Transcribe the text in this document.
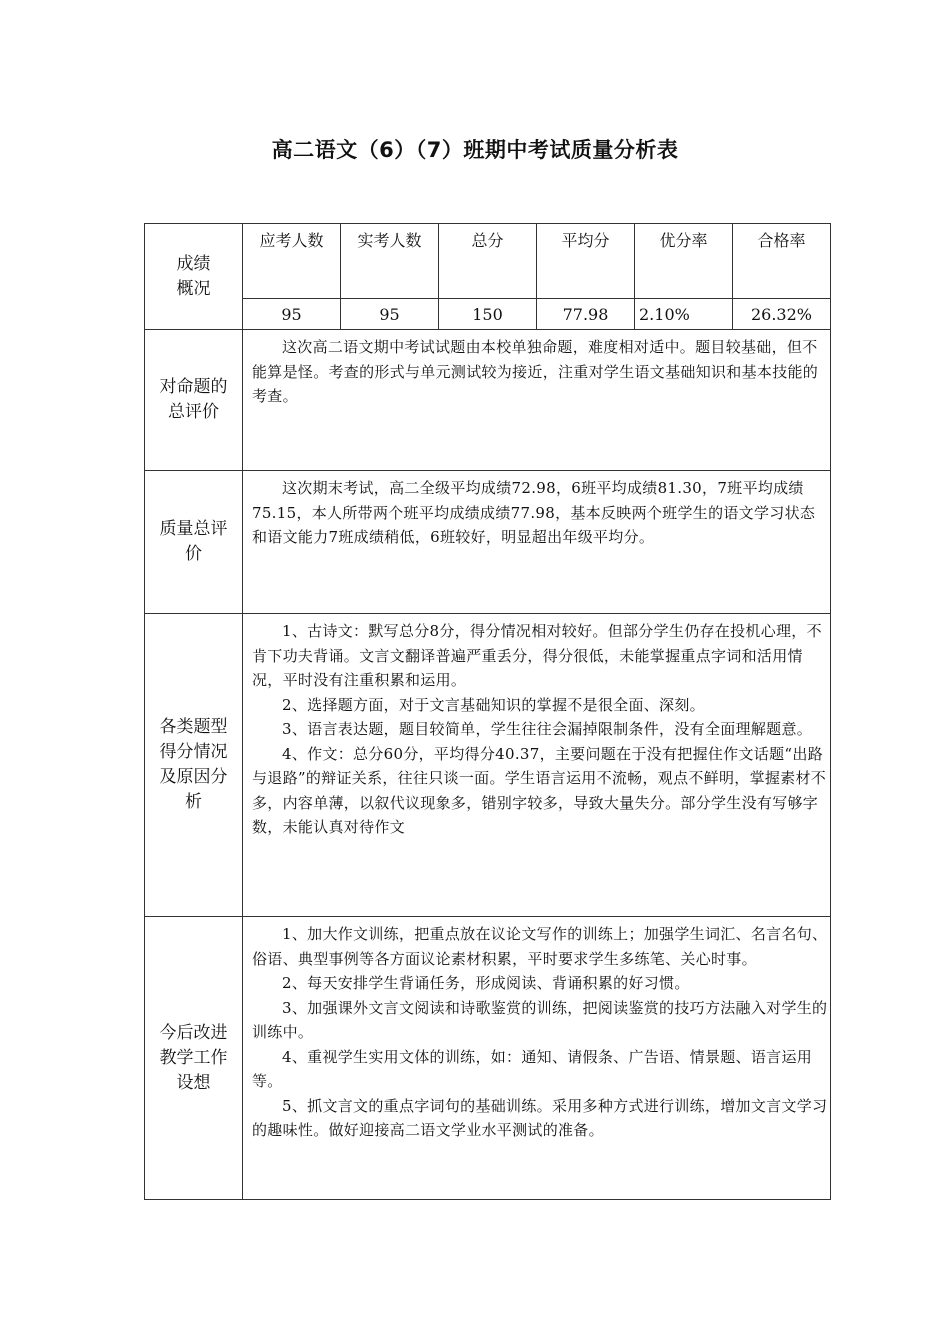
高二语文（6）（7）班期中考试质量分析表
成绩
概况	应考人数	实考人数	总分	平均分	优分率	合格率
	95	95	150	77.98	2.10%	26.32%
对命题的总评价	这次高二语文期中考试试题由本校单独命题，难度相对适中。题目较基础，但不能算是怪。考查的形式与单元测试较为接近，注重对学生语文基础知识和基本技能的考查。					

质量总评价	这次期末考试，高二全级平均成绩72.98，6班平均成绩81.30，7班平均成绩75.15，本人所带两个班平均成绩成绩77.98，基本反映两个班学生的语文学习状态和语文能力7班成绩稍低，6班较好，明显超出年级平均分。					

各类题型得分情况及原因分析	1、古诗文：默写总分8分，得分情况相对较好。但部分学生仍存在投机心理，不肯下功夫背诵。文言文翻译普遍严重丢分，得分很低，未能掌握重点字词和活用情况，平时没有注重积累和运用。

2、选择题方面，对于文言基础知识的掌握不是很全面、深刻。

3、语言表达题，题目较简单，学生往往会漏掉限制条件，没有全面理解题意。

4、作文：总分60分，平均得分40.37，主要问题在于没有把握住作文话题“出路与退路”的辩证关系，往往只谈一面。学生语言运用不流畅，观点不鲜明，掌握素材不多，内容单薄，以叙代议现象多，错别字较多，导致大量失分。部分学生没有写够字数，未能认真对待作文					

今后改进教学工作设想	1、加大作文训练，把重点放在议论文写作的训练上；加强学生词汇、名言名句、俗语、典型事例等各方面议论素材积累，平时要求学生多练笔、关心时事。

2、每天安排学生背诵任务，形成阅读、背诵积累的好习惯。

3、加强课外文言文阅读和诗歌鉴赏的训练，把阅读鉴赏的技巧方法融入对学生的训练中。

4、重视学生实用文体的训练，如：通知、请假条、广告语、情景题、语言运用等。

5、抓文言文的重点字词句的基础训练。采用多种方式进行训练，增加文言文学习的趣味性。做好迎接高二语文学业水平测试的准备。					
